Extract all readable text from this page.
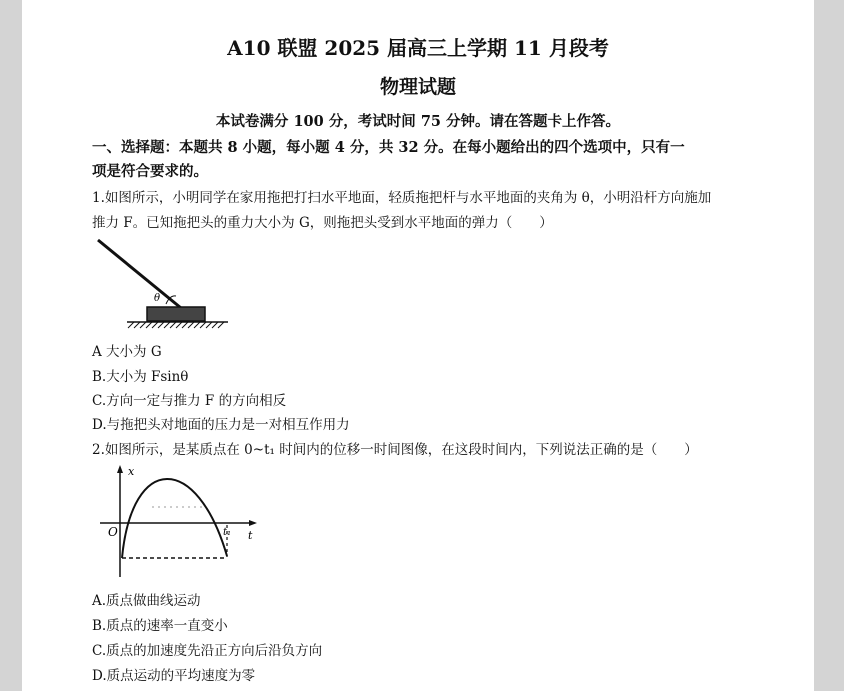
A10 联盟 2025 届高三上学期 11 月段考
物理试题
本试卷满分 100 分，考试时间 75 分钟。请在答题卡上作答。
一、选择题：本题共 8 小题，每小题 4 分，共 32 分。在每小题给出的四个选项中，只有一
项是符合要求的。
1.如图所示，小明同学在家用拖把打扫水平地面，轻质拖把杆与水平地面的夹角为 θ，小明沿杆方向施加
推力 F。已知拖把头的重力大小为 G，则拖把头受到水平地面的弹力（　　）
θ
A 大小为 G
B.大小为 Fsinθ
C.方向一定与推力 F 的方向相反
D.与拖把头对地面的压力是一对相互作用力
2.如图所示，是某质点在 0~t₁ 时间内的位移一时间图像，在这段时间内，下列说法正确的是（　　）
x
t
O	t₁
A.质点做曲线运动
B.质点的速率一直变小
C.质点的加速度先沿正方向后沿负方向
D.质点运动的平均速度为零
